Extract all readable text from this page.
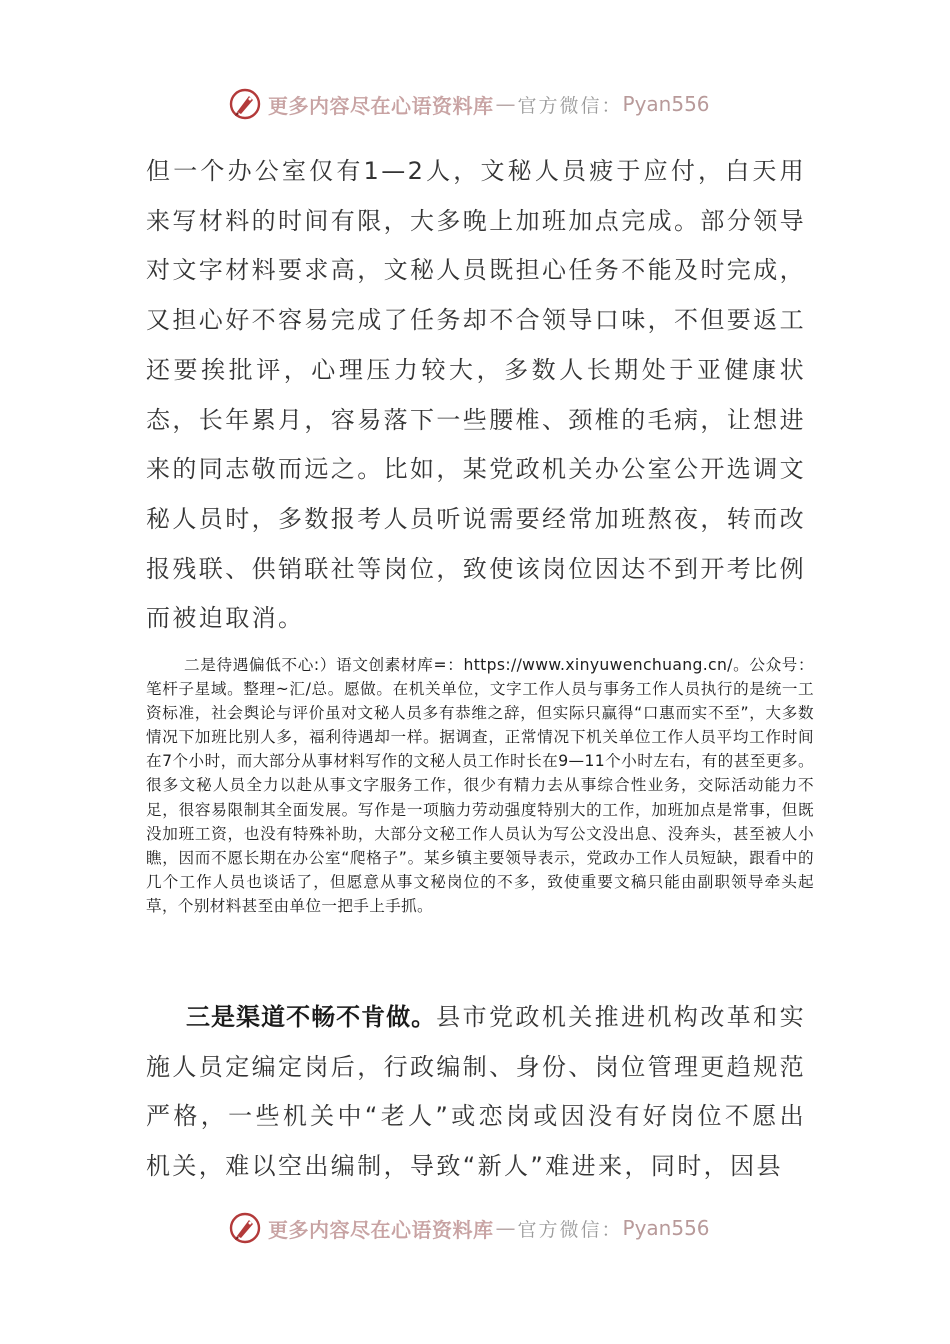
更多内容尽在心语资料库 — 官方微信： Pyan556

但一个办公室仅有1—2人，文秘人员疲于应付，白天用来写材料的时间有限，大多晚上加班加点完成。部分领导对文字材料要求高，文秘人员既担心任务不能及时完成，又担心好不容易完成了任务却不合领导口味，不但要返工还要挨批评，心理压力较大，多数人长期处于亚健康状态，长年累月，容易落下一些腰椎、颈椎的毛病，让想进来的同志敬而远之。比如，某党政机关办公室公开选调文秘人员时，多数报考人员听说需要经常加班熬夜，转而改报残联、供销联社等岗位，致使该岗位因达不到开考比例而被迫取消。

二是待遇偏低不心:）语文创素材库=：https://www.xinyuwenchuang.cn/。公众号：笔杆子星域。整理~汇/总。愿做。在机关单位，文字工作人员与事务工作人员执行的是统一工资标准，社会舆论与评价虽对文秘人员多有恭维之辞，但实际只赢得“口惠而实不至”，大多数情况下加班比别人多，福利待遇却一样。据调查，正常情况下机关单位工作人员平均工作时间在7个小时，而大部分从事材料写作的文秘人员工作时长在9—11个小时左右，有的甚至更多。很多文秘人员全力以赴从事文字服务工作，很少有精力去从事综合性业务，交际活动能力不足，很容易限制其全面发展。写作是一项脑力劳动强度特别大的工作，加班加点是常事，但既没加班工资，也没有特殊补助，大部分文秘工作人员认为写公文没出息、没奔头，甚至被人小瞧，因而不愿长期在办公室“爬格子”。某乡镇主要领导表示，党政办工作人员短缺，跟看中的几个工作人员也谈话了，但愿意从事文秘岗位的不多，致使重要文稿只能由副职领导牵头起草，个别材料甚至由单位一把手上手抓。

三是渠道不畅不肯做。县市党政机关推进机构改革和实施人员定编定岗后，行政编制、身份、岗位管理更趋规范严格，一些机关中“老人”或恋岗或因没有好岗位不愿出机关，难以空出编制，导致“新人”难进来，同时，因县

更多内容尽在心语资料库 — 官方微信： Pyan556
